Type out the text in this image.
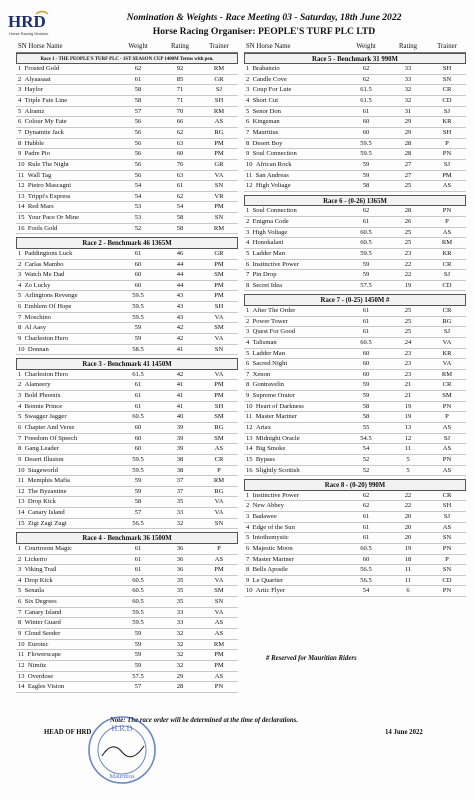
HRD
Horse Racing Division
Nomination & Weights - Race Meeting 03 - Saturday, 18th June 2022
Horse Racing Organiser: PEOPLE'S TURF PLC LTD
SN Horse Name	Weight	Rating	Trainer
Race 1 - THE PEOPLE'S TURF PLC - 1ST SEASON CUP 1400M Terms with pen.
1 Frosted Gold	62	92	RM
2 Alyaasaat	61	85	GR
3 Haylor	58	71	SJ
4 Triple Fate Line	58	71	SH
5 Alramz	57	70	RM
6 Colour My Fate	56	66	AS
7 Dynamite Jack	56	62	RG
8 Hubble	56	63	PM
9 Padre Pio	56	60	PM
10 Rule The Night	56	76	GR
11 Wall Tag	56	63	VA
12 Pietro Mascagni	54	61	SN
13 Trippi's Express	54	62	VR
14 Red Mars	53	54	PM
15 Your Pace Or Mine	53	58	SN
16 Fools Gold	52	58	RM
Race 2 - Benchmark 46 1365M
1 Paddingtons Luck	61	46	GR
2 Carlas Mambo	60	44	PM
3 Watch Me Dad	60	44	SM
4 Zo Lucky	60	44	PM
5 Arlingtons Revenge	59.5	43	PM
6 Emblem Of Hope	59.5	43	SH
7 Moschino	59.5	43	VA
8 Al Aasy	59	42	SM
9 Charleston Hero	59	42	VA
10 Donnan	58.5	41	SN
Race 3 - Benchmark 41 1450M
1 Charleston Hero	61.5	42	VA
2 Alameery	61	41	PM
3 Bold Phoenix	61	41	PM
4 Bonnie Prince	61	41	SH
5 Swagger Jagger	60.5	40	SM
6 Chapter And Verse	60	39	RG
7 Freedom Of Speech	60	39	SM
8 Gang Leader	60	39	AS
9 Desert Illusion	59.5	38	CR
10 Stageworld	59.5	38	P
11 Memphis Mafia	59	37	RM
12 The Byzantine	59	37	RG
13 Drop Kick	58	35	VA
14 Canary Island	57	33	VA
15 Zigi Zagi Zugi	56.5	32	SN
Race 4 - Benchmark 36 1500M
1 Courtroom Magic	61	36	P
2 Lickerio	61	36	AS
3 Viking Trail	61	36	PM
4 Drop Kick	60.5	35	VA
5 Senatla	60.5	35	SM
6 Six Degrees	60.5	35	SN
7 Canary Island	59.5	33	VA
8 Winter Guard	59.5	33	AS
9 Cloud Seeder	59	32	AS
10 Eurotec	59	32	RM
11 Flowerscape	59	32	PM
12 Nimitz	59	32	PM
13 Overdose	57.5	29	AS
14 Eagles Vision	57	28	PN
SN Horse Name	Weight	Rating	Trainer
Race 5 - Benchmark 31 990M
1 Brabanzio	62	33	SH
2 Candle Cove	62	33	SN
3 Coup For Lute	61.5	32	CR
4 Short Cut	61.5	32	CD
5 Senor Don	61	31	SJ
6 Kingsman	60	29	KR
7 Mauritius	60	29	SH
8 Desert Boy	59.5	28	P
9 Soul Connection	59.5	28	PN
10 African Rock	59	27	SJ
11 San Andreas	59	27	PM
12 High Voltage	58	25	AS
Race 6 - (0-26) 1365M
1 Soul Connection	62	28	PN
2 Enigma Code	61	26	P
3 High Voltage	60.5	25	AS
4 Honokalani	60.5	25	RM
5 Ladder Man	59.5	23	KR
6 Instinctive Power	59	22	CR
7 Pin Drop	59	22	SJ
8 Secret Idea	57.5	19	CD
Race 7 - (0-25) 1450M #
1 After The Order	61	25	CR
2 Power Tower	61	25	RG
3 Quest For Good	61	25	SJ
4 Talisman	60.5	24	VA
5 Ladder Man	60	23	KR
6 Sacred Night	60	23	VA
7 Xenon	60	23	RM
8 Gontravelin	59	21	CR
9 Supreme Orator	59	21	SM
10 Heart of Darkness	58	19	PN
11 Master Mariner	58	19	P
12 Artax	55	13	AS
13 Midnight Oracle	54.5	12	SJ
14 Big Smoke	54	11	AS
15 Bypass	52	5	PN
16 Slightly Scottish	52	5	AS
Race 8 - (0-20) 990M
1 Instinctive Power	62	22	CR
2 New Abbey	62	22	SH
3 Badawee	61	20	SJ
4 Edge of the Sun	61	20	AS
5 Intothemystic	61	20	SN
6 Majestic Moon	60.5	19	PN
7 Master Mariner	60	18	P
8 Bells Apostle	56.5	11	SN
9 Le Quartier	56.5	11	CD
10 Artic Flyer	54	6	PN
# Reserved for Mauritian Riders
Note: The race order will be determined at the time of declarations.
HEAD OF HRD	14 June 2022
H.R.D
Mauritius
